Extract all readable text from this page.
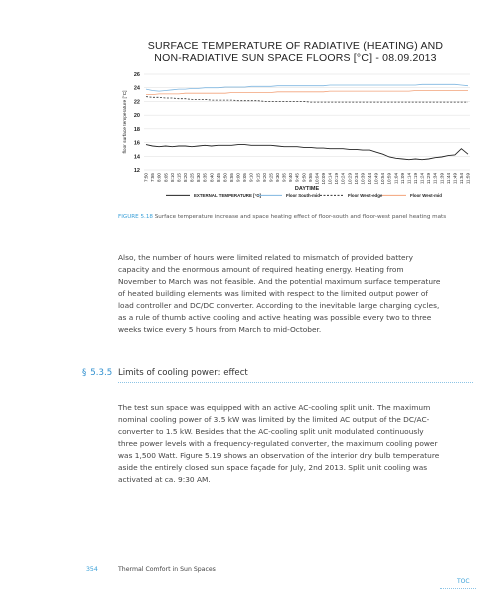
SURFACE TEMPERATURE OF RADIATIVE (HEATING) AND
NON-RADIATIVE SUN SPACE FLOORS [°C] - 08.09.2013
12
14
16
18
20
22
24
26
7:50 7:55 8:00 8:05 8:10 8:15 8:20 8:25 8:30 8:35 8:40 8:45 8:50 8:55 9:00 9:05 9:10 9:15 9:20 9:25 9:30 9:35 9:40 9:45 9:50 9:55 10:04 10:09 10:14 10:19 10:24 10:29 10:34 10:39 10:44 10:49 10:54 10:59 11:04 11:09 11:14 11:19 11:24 11:29 11:34 11:39 11:44 11:49 11:54 11:59
floor surface temperature [°C]
DAYTIME
EXTERNAL TEMPERATURE [°C]	Floor South-mid	Floor West-edge	Floor West-mid
FIGURE 5.18 Surface temperature increase and space heating effect of floor-south and floor-west panel heating mats
Also, the number of hours were limited related to mismatch of provided battery
capacity and the enormous amount of required heating energy. Heating from
November to March was not feasible. And the potential maximum surface temperature
of heated building elements was limited with respect to the limited output power of
load controller and DC/DC converter. According to the inevitable large charging cycles,
as a rule of thumb active cooling and active heating was possible every two to three
weeks twice every 5 hours from March to mid-October.
§ 5.3.5 Limits of cooling power: effect
The test sun space was equipped with an active AC-cooling split unit. The maximum
nominal cooling power of 3.5 kW was limited by the limited AC output of the DC/AC-
converter to 1.5 kW. Besides that the AC-cooling split unit modulated continuously
three power levels with a frequency-regulated converter, the maximum cooling power
was 1,500 Watt. Figure 5.19 shows an observation of the interior dry bulb temperature
aside the entirely closed sun space façade for July, 2nd 2013. Split unit cooling was
activated at ca. 9:30 AM.
354	Thermal Comfort in Sun Spaces
TOC
